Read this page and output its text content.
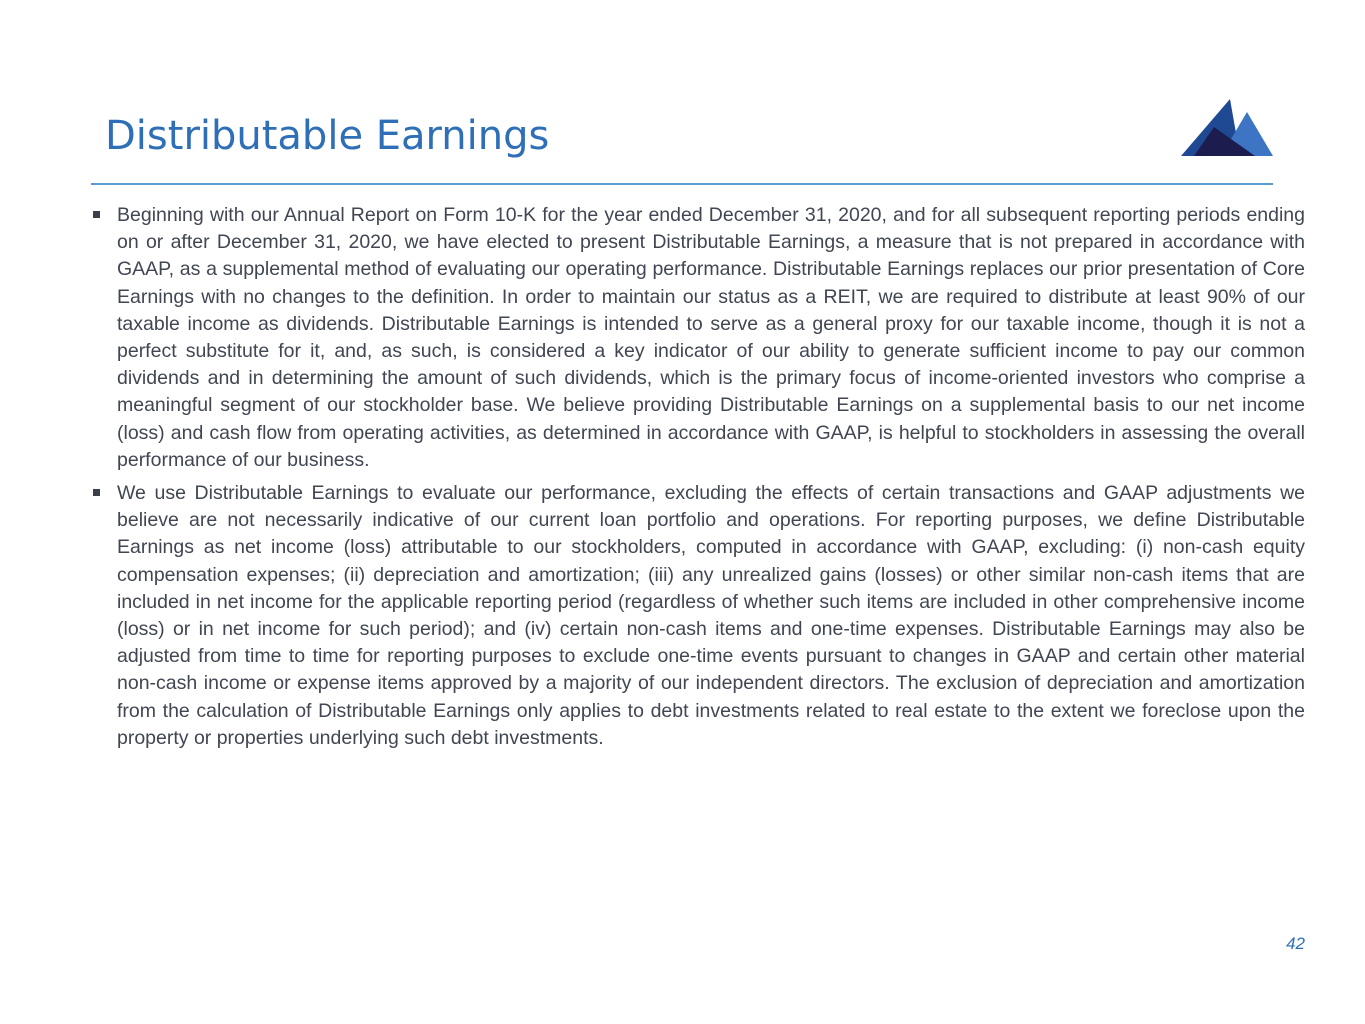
Distributable Earnings
Beginning with our Annual Report on Form 10-K for the year ended December 31, 2020, and for all subsequent reporting periods ending on or after December 31, 2020, we have elected to present Distributable Earnings, a measure that is not prepared in accordance with GAAP, as a supplemental method of evaluating our operating performance. Distributable Earnings replaces our prior presentation of Core Earnings with no changes to the definition. In order to maintain our status as a REIT, we are required to distribute at least 90% of our taxable income as dividends. Distributable Earnings is intended to serve as a general proxy for our taxable income, though it is not a perfect substitute for it, and, as such, is considered a key indicator of our ability to generate sufficient income to pay our common dividends and in determining the amount of such dividends, which is the primary focus of income-oriented investors who comprise a meaningful segment of our stockholder base. We believe providing Distributable Earnings on a supplemental basis to our net income (loss) and cash flow from operating activities, as determined in accordance with GAAP, is helpful to stockholders in assessing the overall performance of our business.
We use Distributable Earnings to evaluate our performance, excluding the effects of certain transactions and GAAP adjustments we believe are not necessarily indicative of our current loan portfolio and operations. For reporting purposes, we define Distributable Earnings as net income (loss) attributable to our stockholders, computed in accordance with GAAP, excluding: (i) non-cash equity compensation expenses; (ii) depreciation and amortization; (iii) any unrealized gains (losses) or other similar non-cash items that are included in net income for the applicable reporting period (regardless of whether such items are included in other comprehensive income (loss) or in net income for such period); and (iv) certain non-cash items and one-time expenses. Distributable Earnings may also be adjusted from time to time for reporting purposes to exclude one-time events pursuant to changes in GAAP and certain other material non-cash income or expense items approved by a majority of our independent directors. The exclusion of depreciation and amortization from the calculation of Distributable Earnings only applies to debt investments related to real estate to the extent we foreclose upon the property or properties underlying such debt investments.
42
